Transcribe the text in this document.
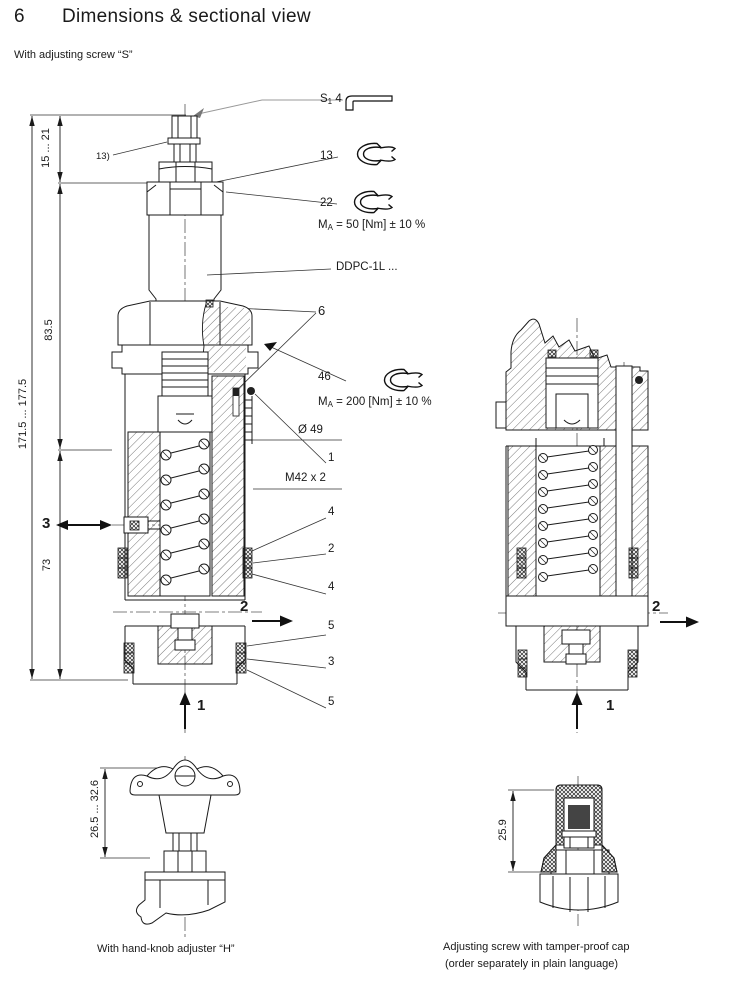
6 Dimensions & sectional view
With adjusting screw “S”
S1 4
13
22
MA = 50 [Nm] ± 10 %
DDPC-1L ...
6
46
MA = 200 [Nm] ± 10 %
Ø 49
1
M42 x 2
4
2
4
5
3
5
13)
15 ... 21
83.5
171.5 ... 177.5
73
26.5 ... 32.6	25.9
3
2
1
2
1
With hand-knob adjuster “H”	Adjusting screw with tamper-proof cap
(order separately in plain language)
